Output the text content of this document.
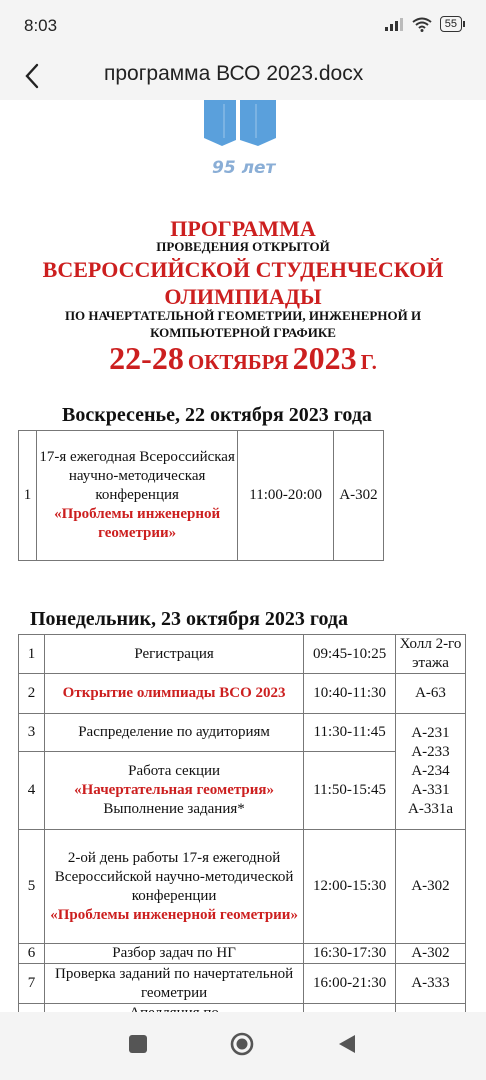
8:03	55
программа ВСО 2023.docx
95 лет
ПРОГРАММА
ПРОВЕДЕНИЯ ОТКРЫТОЙ
ВСЕРОССИЙСКОЙ СТУДЕНЧЕСКОЙ
ОЛИМПИАДЫ
ПО НАЧЕРТАТЕЛЬНОЙ ГЕОМЕТРИИ, ИНЖЕНЕРНОЙ И
КОМПЬЮТЕРНОЙ ГРАФИКЕ
22-28 ОКТЯБРЯ 2023 Г.
Воскресенье, 22 октября 2023 года
1	17-я ежегодная Всероссийская научно-методическая конференция
«Проблемы инженерной геометрии»
	11:00-20:00	А-302
Понедельник, 23 октября 2023 года
1	Регистрация	09:45-10:25	Холл 2-го этажа
2	Открытие олимпиады ВСО 2023	10:40-11:30	А-63
3	Распределение по аудиториям	11:30-11:45	А-231 А-233 А-234 А-331 А-331а
4	Работа секции
«Начертательная геометрия»
Выполнение задания*	11:50-15:45	
5	2-ой день работы 17-я ежегодной Всероссийской научно-методической конференции
«Проблемы инженерной геометрии»	12:00-15:30	А-302
6	Разбор задач по НГ	16:30-17:30	А-302
7	Проверка заданий по начертательной геометрии	16:00-21:30	А-333
